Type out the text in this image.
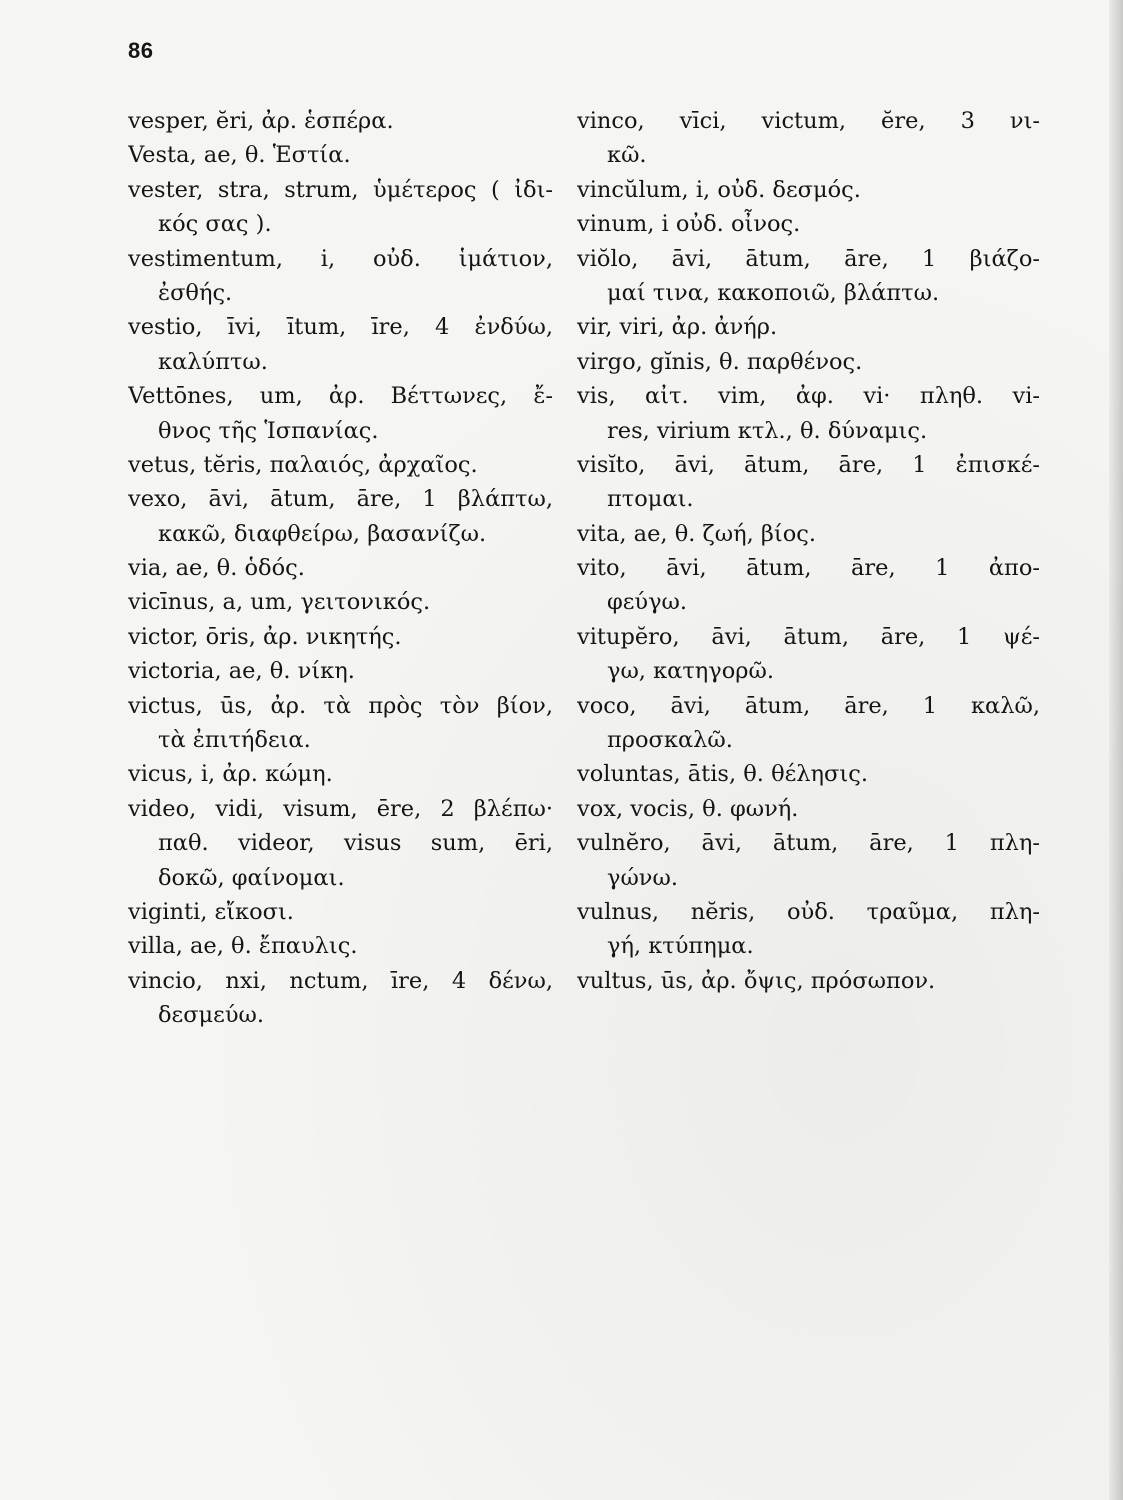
86
vesper, ĕri, ἀρ. ἑσπέρα.
Vesta, ae, θ. Ἑστία.
vester, stra, strum, ὑμέτερος ( ἰδι-
κός σας ).
vestimentum, i, οὐδ. ἱμάτιον,
ἐσθής.
vestio, īvi, ītum, īre, 4 ἐνδύω,
καλύπτω.
Vettōnes, um, ἀρ. Βέττωνες, ἔ-
θνος τῆς Ἱσπανίας.
vetus, tĕris, παλαιός, ἀρχαῖος.
vexo, āvi, ātum, āre, 1 βλάπτω,
κακῶ, διαφθείρω, βασανίζω.
via, ae, θ. ὁδός.
vicīnus, a, um, γειτονικός.
victor, ōris, ἀρ. νικητής.
victoria, ae, θ. νίκη.
victus, ūs, ἀρ. τὰ πρὸς τὸν βίον,
τὰ ἐπιτήδεια.
vicus, i, ἀρ. κώμη.
video, vidi, visum, ēre, 2 βλέπω·
παθ. videor, visus sum, ēri,
δοκῶ, φαίνομαι.
viginti, εἴκοσι.
villa, ae, θ. ἔπαυλις.
vincio, nxi, nctum, īre, 4 δένω,
δεσμεύω.
vinco, vīci, victum, ĕre, 3 νι-
κῶ.
vincŭlum, i, οὐδ. δεσμός.
vinum, i οὐδ. οἶνος.
viŏlo, āvi, ātum, āre, 1 βιάζο-
μαί τινα, κακοποιῶ, βλάπτω.
vir, viri, ἀρ. ἀνήρ.
virgo, gĭnis, θ. παρθένος.
vis, αἰτ. vim, ἀφ. vi· πληθ. vi-
res, virium κτλ., θ. δύναμις.
visĭto, āvi, ātum, āre, 1 ἐπισκέ-
πτομαι.
vita, ae, θ. ζωή, βίος.
vito, āvi, ātum, āre, 1 ἀπο-
φεύγω.
vitupĕro, āvi, ātum, āre, 1 ψέ-
γω, κατηγορῶ.
voco, āvi, ātum, āre, 1 καλῶ,
προσκαλῶ.
voluntas, ātis, θ. θέλησις.
vox, vocis, θ. φωνή.
vulnĕro, āvi, ātum, āre, 1 πλη-
γώνω.
vulnus, nĕris, οὐδ. τραῦμα, πλη-
γή, κτύπημα.
vultus, ūs, ἀρ. ὄψις, πρόσωπον.
